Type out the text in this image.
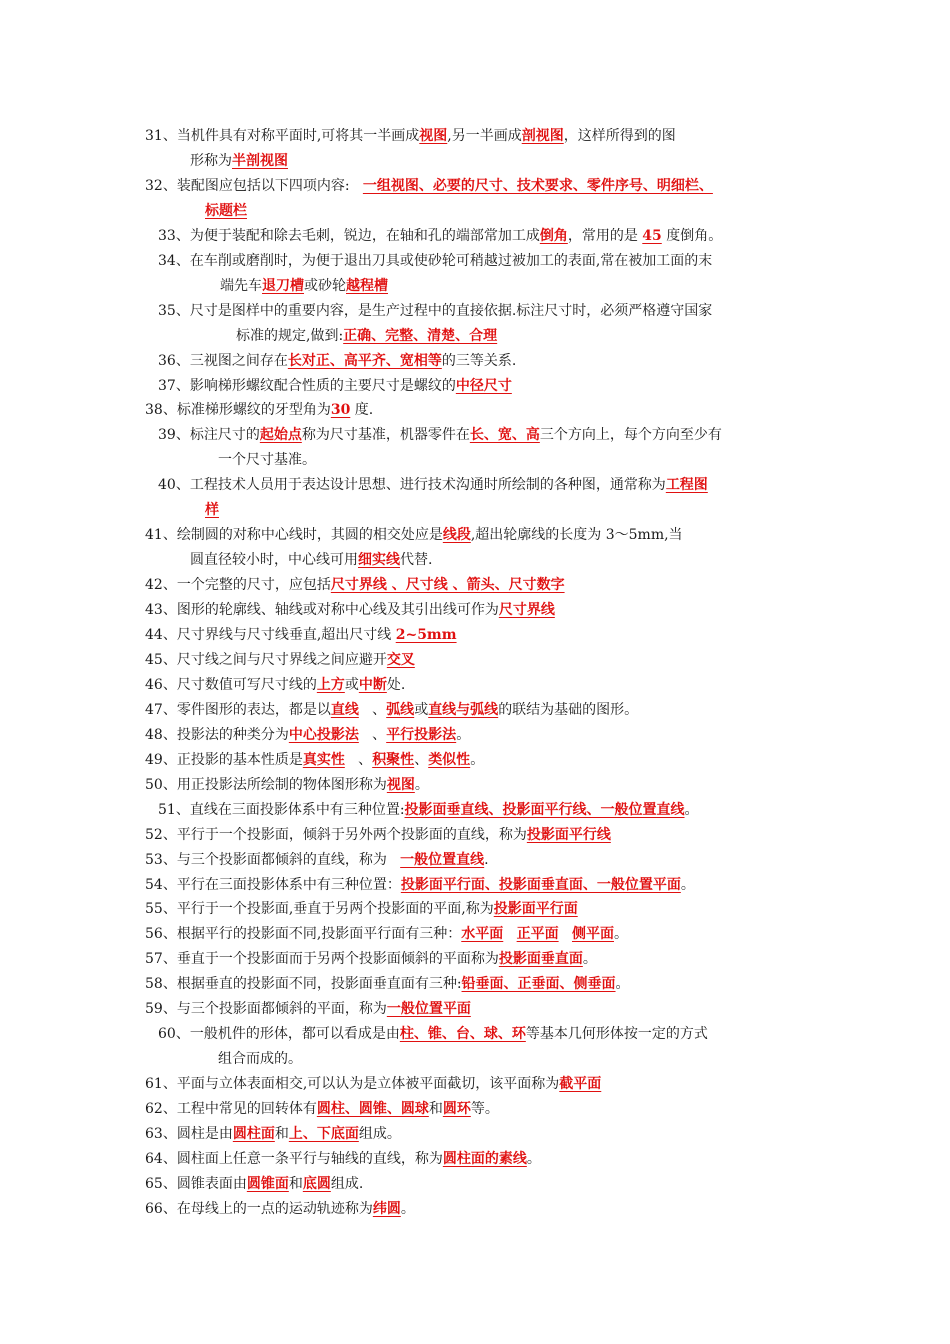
31、当机件具有对称平面时,可将其一半画成视图,另一半画成剖视图，这样所得到的图
形称为半剖视图
32、装配图应包括以下四项内容:   一组视图、必要的尺寸、技术要求、零件序号、明细栏、
标题栏
33、为便于装配和除去毛刺，锐边，在轴和孔的端部常加工成倒角，常用的是 45 度倒角。
34、在车削或磨削时，为便于退出刀具或使砂轮可稍越过被加工的表面,常在被加工面的末
端先车退刀槽或砂轮越程槽
35、尺寸是图样中的重要内容，是生产过程中的直接依据.标注尺寸时，必须严格遵守国家
标准的规定,做到:正确、完整、清楚、合理
36、三视图之间存在长对正、高平齐、宽相等的三等关系.
37、影响梯形螺纹配合性质的主要尺寸是螺纹的中径尺寸
38、标准梯形螺纹的牙型角为30 度.
39、标注尺寸的起始点称为尺寸基准，机器零件在长、宽、高三个方向上，每个方向至少有
一个尺寸基准。
40、工程技术人员用于表达设计思想、进行技术沟通时所绘制的各种图，通常称为工程图
样
41、绘制圆的对称中心线时，其圆的相交处应是线段,超出轮廓线的长度为 3～5mm,当
圆直径较小时，中心线可用细实线代替.
42、一个完整的尺寸，应包括尺寸界线 、尺寸线 、箭头、尺寸数字
43、图形的轮廓线、轴线或对称中心线及其引出线可作为尺寸界线
44、尺寸界线与尺寸线垂直,超出尺寸线 2~5mm
45、尺寸线之间与尺寸界线之间应避开交叉
46、尺寸数值可写尺寸线的上方或中断处.
47、零件图形的表达，都是以直线   、弧线或直线与弧线的联结为基础的图形。
48、投影法的种类分为中心投影法   、平行投影法。
49、正投影的基本性质是真实性   、积聚性、类似性。
50、用正投影法所绘制的物体图形称为视图。
51、直线在三面投影体系中有三种位置:投影面垂直线、投影面平行线、一般位置直线。
52、平行于一个投影面，倾斜于另外两个投影面的直线，称为投影面平行线
53、与三个投影面都倾斜的直线，称为   一般位置直线.
54、平行在三面投影体系中有三种位置：投影面平行面、投影面垂直面、一般位置平面。
55、平行于一个投影面,垂直于另两个投影面的平面,称为投影面平行面
56、根据平行的投影面不同,投影面平行面有三种：水平面 正平面 侧平面。
57、垂直于一个投影面而于另两个投影面倾斜的平面称为投影面垂直面。
58、根据垂直的投影面不同，投影面垂直面有三种:铅垂面、正垂面、侧垂面。
59、与三个投影面都倾斜的平面，称为一般位置平面
60、一般机件的形体，都可以看成是由柱、锥、台、球、环等基本几何形体按一定的方式
组合而成的。
61、平面与立体表面相交,可以认为是立体被平面截切，该平面称为截平面
62、工程中常见的回转体有圆柱、圆锥、圆球和圆环等。
63、圆柱是由圆柱面和上、下底面组成。
64、圆柱面上任意一条平行与轴线的直线，称为圆柱面的素线。
65、圆锥表面由圆锥面和底圆组成.
66、在母线上的一点的运动轨迹称为纬圆。
